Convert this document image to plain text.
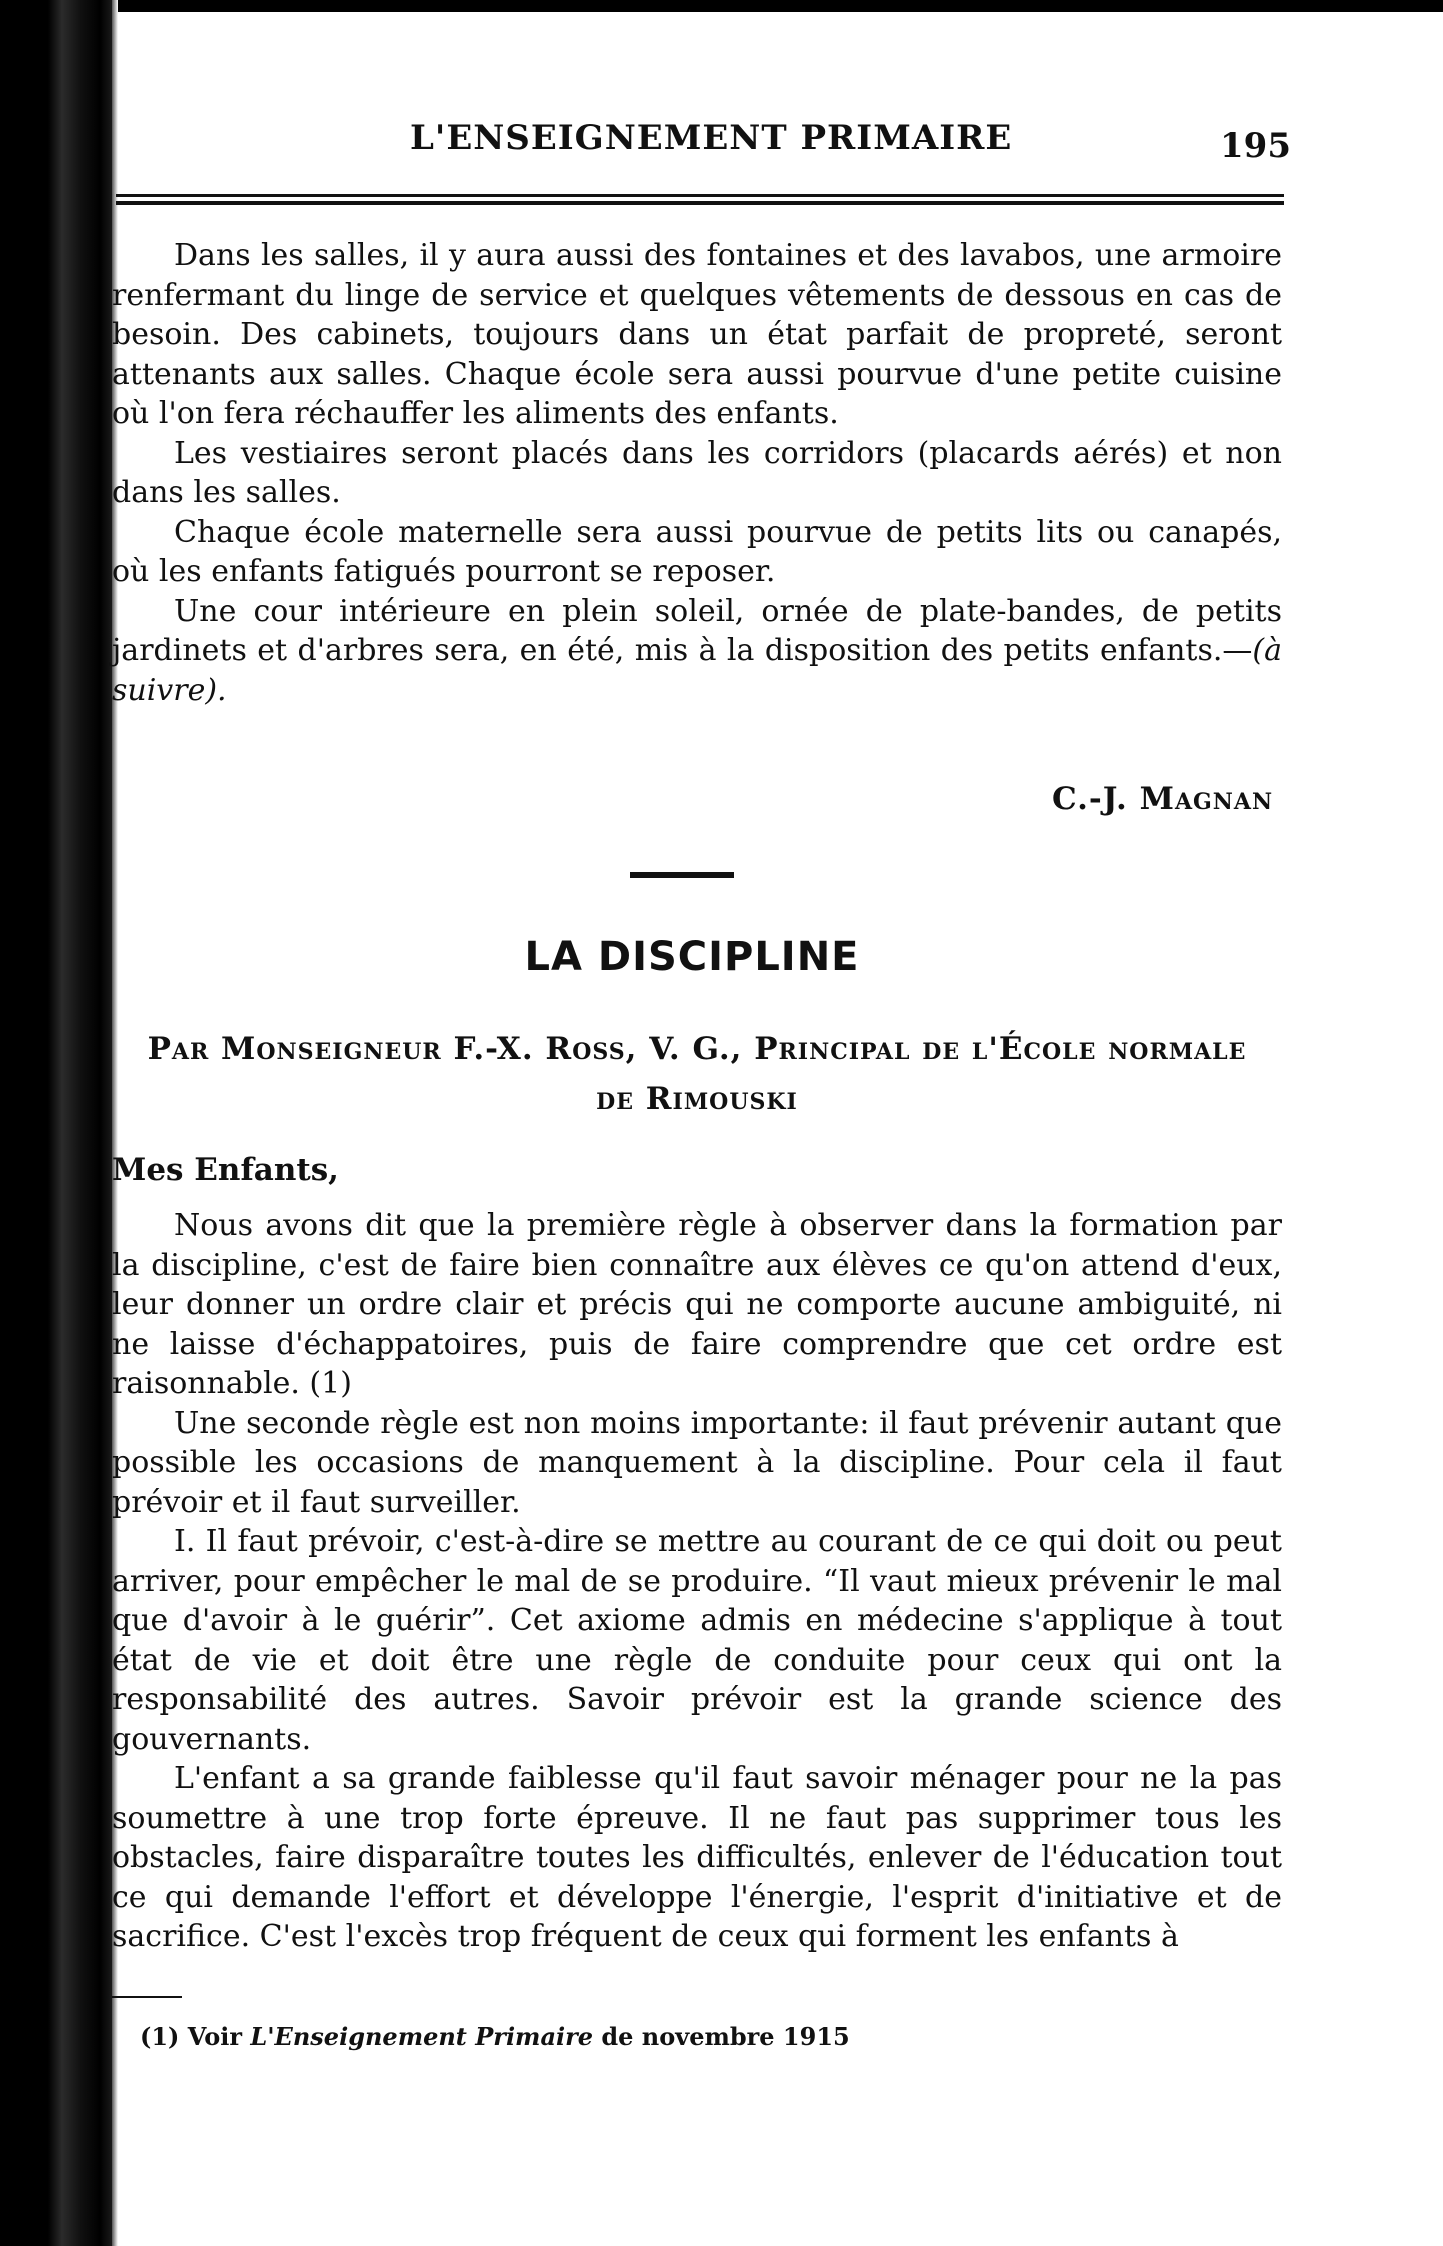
L'ENSEIGNEMENT PRIMAIRE	195

Dans les salles, il y aura aussi des fontaines et des lavabos, une armoire renfermant du linge de service et quelques vêtements de dessous en cas de besoin. Des cabinets, toujours dans un état parfait de propreté, seront attenants aux salles. Chaque école sera aussi pourvue d'une petite cuisine où l'on fera réchauffer les aliments des enfants.

Les vestiaires seront placés dans les corridors (placards aérés) et non dans les salles.

Chaque école maternelle sera aussi pourvue de petits lits ou canapés, où les enfants fatigués pourront se reposer.

Une cour intérieure en plein soleil, ornée de plate-bandes, de petits jardinets et d'arbres sera, en été, mis à la disposition des petits enfants.—(à suivre).

C.-J. Magnan
LA DISCIPLINE
Par Monseigneur F.-X. Ross, V. G., Principal de l'École normale
de Rimouski
Mes Enfants,

Nous avons dit que la première règle à observer dans la formation par la discipline, c'est de faire bien connaître aux élèves ce qu'on attend d'eux, leur donner un ordre clair et précis qui ne comporte aucune ambiguité, ni ne laisse d'échappatoires, puis de faire comprendre que cet ordre est raisonnable. (1)

Une seconde règle est non moins importante: il faut prévenir autant que possible les occasions de manquement à la discipline. Pour cela il faut prévoir et il faut surveiller.

I. Il faut prévoir, c'est-à-dire se mettre au courant de ce qui doit ou peut arriver, pour empêcher le mal de se produire. “Il vaut mieux prévenir le mal que d'avoir à le guérir”. Cet axiome admis en médecine s'applique à tout état de vie et doit être une règle de conduite pour ceux qui ont la responsabilité des autres. Savoir prévoir est la grande science des gouvernants.

L'enfant a sa grande faiblesse qu'il faut savoir ménager pour ne la pas soumettre à une trop forte épreuve. Il ne faut pas supprimer tous les obstacles, faire disparaître toutes les difficultés, enlever de l'éducation tout ce qui demande l'effort et développe l'énergie, l'esprit d'initiative et de sacrifice. C'est l'excès trop fréquent de ceux qui forment les enfants à

(1) Voir L'Enseignement Primaire de novembre 1915
